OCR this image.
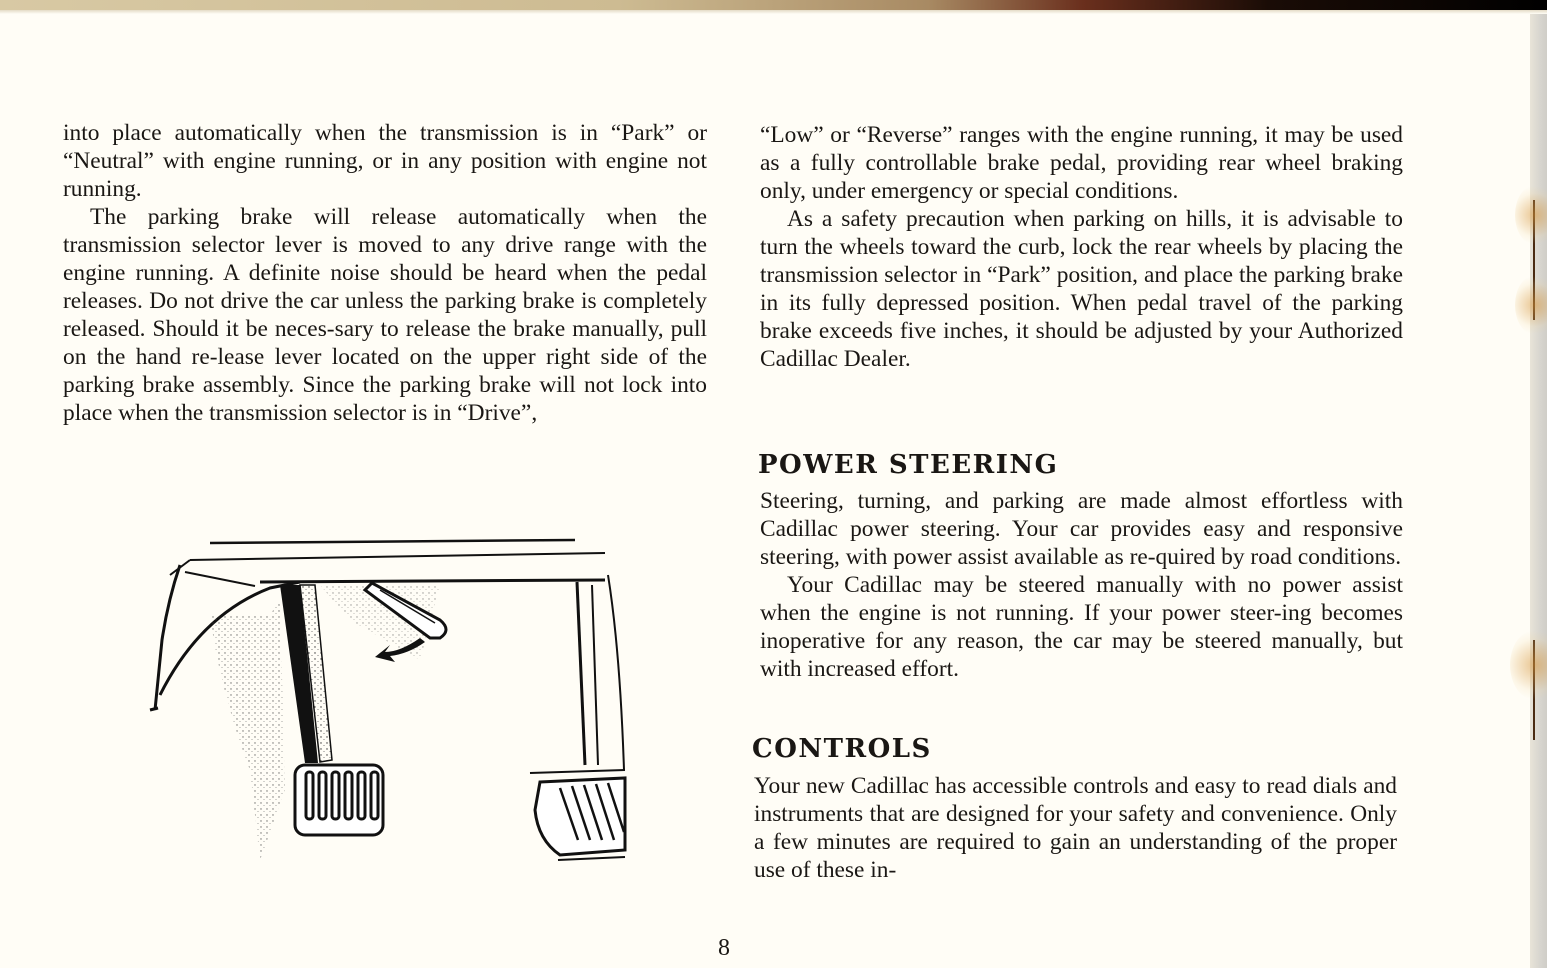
into place automatically when the transmission is in “Park” or “Neutral” with engine running, or in any position with engine not running.

The parking brake will release automatically when the transmission selector lever is moved to any drive range with the engine running. A definite noise should be heard when the pedal releases. Do not drive the car unless the parking brake is completely released. Should it be neces-sary to release the brake manually, pull on the hand re-lease lever located on the upper right side of the parking brake assembly. Since the parking brake will not lock into place when the transmission selector is in “Drive”,

“Low” or “Reverse” ranges with the engine running, it may be used as a fully controllable brake pedal, providing rear wheel braking only, under emergency or special conditions.

As a safety precaution when parking on hills, it is advisable to turn the wheels toward the curb, lock the rear wheels by placing the transmission selector in “Park” position, and place the parking brake in its fully depressed position. When pedal travel of the parking brake exceeds five inches, it should be adjusted by your Authorized Cadillac Dealer.

POWER STEERING

Steering, turning, and parking are made almost effortless with Cadillac power steering. Your car provides easy and responsive steering, with power assist available as re-quired by road conditions.

Your Cadillac may be steered manually with no power assist when the engine is not running. If your power steer-ing becomes inoperative for any reason, the car may be steered manually, but with increased effort.

CONTROLS

Your new Cadillac has accessible controls and easy to read dials and instruments that are designed for your safety and convenience. Only a few minutes are required to gain an understanding of the proper use of these in-

8
